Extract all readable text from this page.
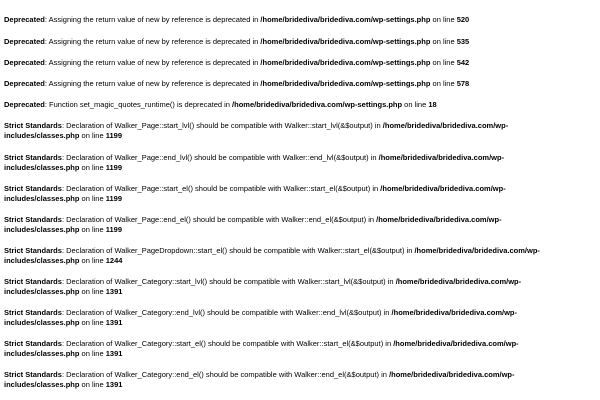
Deprecated: Assigning the return value of new by reference is deprecated in /home/bridediva/bridediva.com/wp-settings.php on line 520

Deprecated: Assigning the return value of new by reference is deprecated in /home/bridediva/bridediva.com/wp-settings.php on line 535

Deprecated: Assigning the return value of new by reference is deprecated in /home/bridediva/bridediva.com/wp-settings.php on line 542

Deprecated: Assigning the return value of new by reference is deprecated in /home/bridediva/bridediva.com/wp-settings.php on line 578

Deprecated: Function set_magic_quotes_runtime() is deprecated in /home/bridediva/bridediva.com/wp-settings.php on line 18

Strict Standards: Declaration of Walker_Page::start_lvl() should be compatible with Walker::start_lvl(&$output) in /home/bridediva/bridediva.com/wp-includes/classes.php on line 1199

Strict Standards: Declaration of Walker_Page::end_lvl() should be compatible with Walker::end_lvl(&$output) in /home/bridediva/bridediva.com/wp-includes/classes.php on line 1199

Strict Standards: Declaration of Walker_Page::start_el() should be compatible with Walker::start_el(&$output) in /home/bridediva/bridediva.com/wp-includes/classes.php on line 1199

Strict Standards: Declaration of Walker_Page::end_el() should be compatible with Walker::end_el(&$output) in /home/bridediva/bridediva.com/wp-includes/classes.php on line 1199

Strict Standards: Declaration of Walker_PageDropdown::start_el() should be compatible with Walker::start_el(&$output) in /home/bridediva/bridediva.com/wp-includes/classes.php on line 1244

Strict Standards: Declaration of Walker_Category::start_lvl() should be compatible with Walker::start_lvl(&$output) in /home/bridediva/bridediva.com/wp-includes/classes.php on line 1391

Strict Standards: Declaration of Walker_Category::end_lvl() should be compatible with Walker::end_lvl(&$output) in /home/bridediva/bridediva.com/wp-includes/classes.php on line 1391

Strict Standards: Declaration of Walker_Category::start_el() should be compatible with Walker::start_el(&$output) in /home/bridediva/bridediva.com/wp-includes/classes.php on line 1391

Strict Standards: Declaration of Walker_Category::end_el() should be compatible with Walker::end_el(&$output) in /home/bridediva/bridediva.com/wp-includes/classes.php on line 1391
